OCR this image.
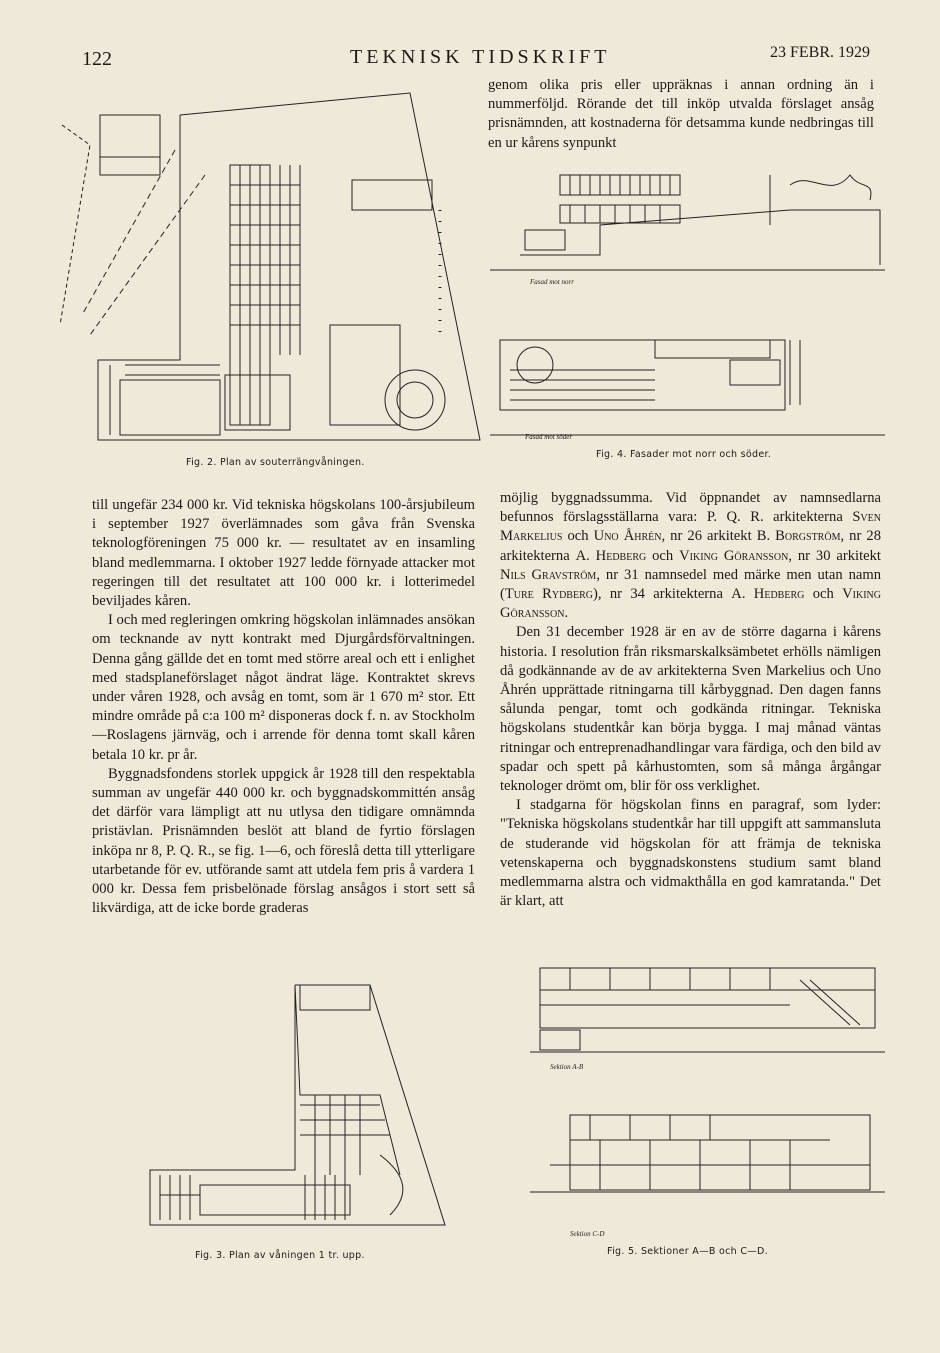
122	TEKNISK TIDSKRIFT	23 FEBR. 1929
Fig. 2. Plan av souterrängvåningen.

genom olika pris eller uppräknas i annan ordning än i nummerföljd. Rörande det till inköp utvalda förslaget ansåg prisnämnden, att kostnaderna för detsamma kunde nedbringas till en ur kårens synpunkt

Fasad mot norr
Fasad mot söder
Fig. 4. Fasader mot norr och söder.

till ungefär 234 000 kr. Vid tekniska högskolans 100-årsjubileum i september 1927 överlämnades som gåva från Svenska teknologföreningen 75 000 kr. — resultatet av en insamling bland medlemmarna. I oktober 1927 ledde förnyade attacker mot regeringen till det resultatet att 100 000 kr. i lotterimedel beviljades kåren.

I och med regleringen omkring högskolan inlämnades ansökan om tecknande av nytt kontrakt med Djurgårdsförvaltningen. Denna gång gällde det en tomt med större areal och ett i enlighet med stadsplaneförslaget något ändrat läge. Kontraktet skrevs under våren 1928, och avsåg en tomt, som är 1 670 m² stor. Ett mindre område på c:a 100 m² disponeras dock f. n. av Stockholm—Roslagens järnväg, och i arrende för denna tomt skall kåren betala 10 kr. pr år.

Byggnadsfondens storlek uppgick år 1928 till den respektabla summan av ungefär 440 000 kr. och byggnadskommittén ansåg det därför vara lämpligt att nu utlysa den tidigare omnämnda pristävlan. Prisnämnden beslöt att bland de fyrtio förslagen inköpa nr 8, P. Q. R., se fig. 1—6, och föreslå detta till ytterligare utarbetande för ev. utförande samt att utdela fem pris å vardera 1 000 kr. Dessa fem prisbelönade förslag ansågos i stort sett så likvärdiga, att de icke borde graderas

möjlig byggnadssumma. Vid öppnandet av namnsedlarna befunnos förslagsställarna vara: P. Q. R. arkitekterna Sven Markelius och Uno Åhrén, nr 26 arkitekt B. Borgström, nr 28 arkitekterna A. Hedberg och Viking Göransson, nr 30 arkitekt Nils Gravström, nr 31 namnsedel med märke men utan namn (Ture Rydberg), nr 34 arkitekterna A. Hedberg och Viking Göransson.

Den 31 december 1928 är en av de större dagarna i kårens historia. I resolution från riksmarskalksämbetet erhölls nämligen då godkännande av de av arkitekterna Sven Markelius och Uno Åhrén upprättade ritningarna till kårbyggnad. Den dagen fanns sålunda pengar, tomt och godkända ritningar. Tekniska högskolans studentkår kan börja bygga. I maj månad väntas ritningar och entreprenadhandlingar vara färdiga, och den bild av spadar och spett på kårhustomten, som så många årgångar teknologer drömt om, blir för oss verklighet.

I stadgarna för högskolan finns en paragraf, som lyder: "Tekniska högskolans studentkår har till uppgift att sammansluta de studerande vid högskolan för att främja de tekniska vetenskaperna och byggnadskonstens studium samt bland medlemmarna alstra och vidmakthålla en god kamratanda." Det är klart, att

Fig. 3. Plan av våningen 1 tr. upp.
Sektion A-B
Sektion C-D
Fig. 5. Sektioner A—B och C—D.
